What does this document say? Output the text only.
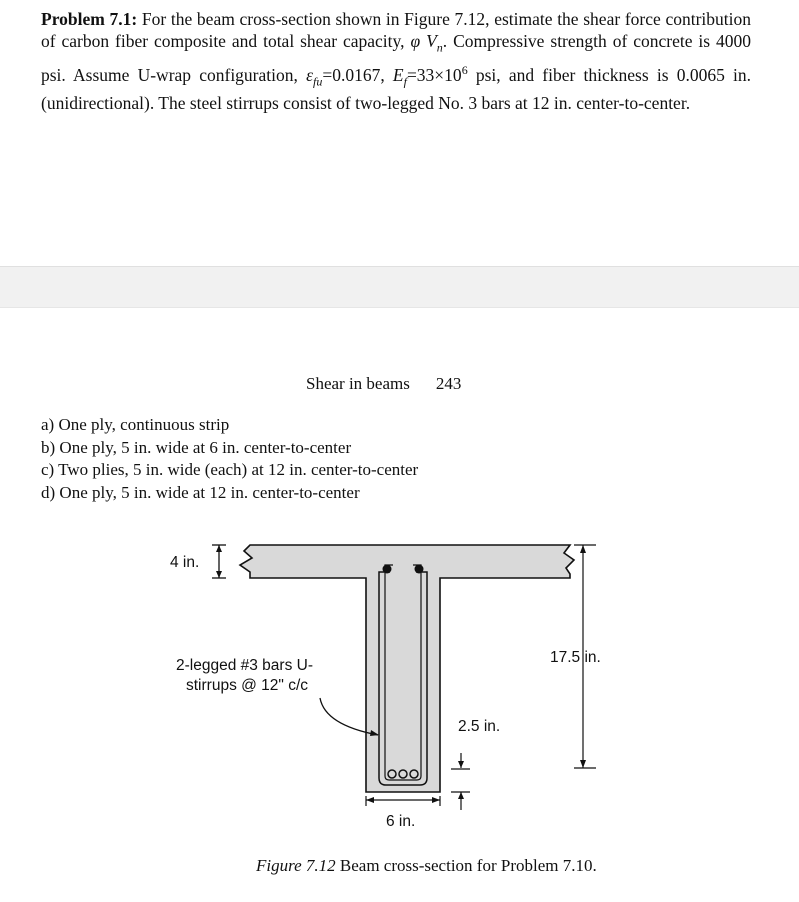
Problem 7.1: For the beam cross-section shown in Figure 7.12, estimate the shear force contribution of carbon fiber composite and total shear capacity, φ $V_n$. Compressive strength of concrete is 4000 psi. Assume U-wrap configuration, $\varepsilon_{fu}=0.0167$, $E_f=33\times 10^6$ psi, and fiber thickness is 0.0065 in. (unidirectional). The steel stirrups consist of two-legged No. 3 bars at 12 in. center-to-center.

Shear in beams 243
a) One ply, continuous strip
b) One ply, 5 in. wide at 6 in. center-to-center
c) Two plies, 5 in. wide (each) at 12 in. center-to-center
d) One ply, 5 in. wide at 12 in. center-to-center
4 in.
2-legged #3 bars U-
stirrups @ 12" c/c
17.5 in.
2.5 in.
6 in.
Figure 7.12 Beam cross-section for Problem 7.10.
